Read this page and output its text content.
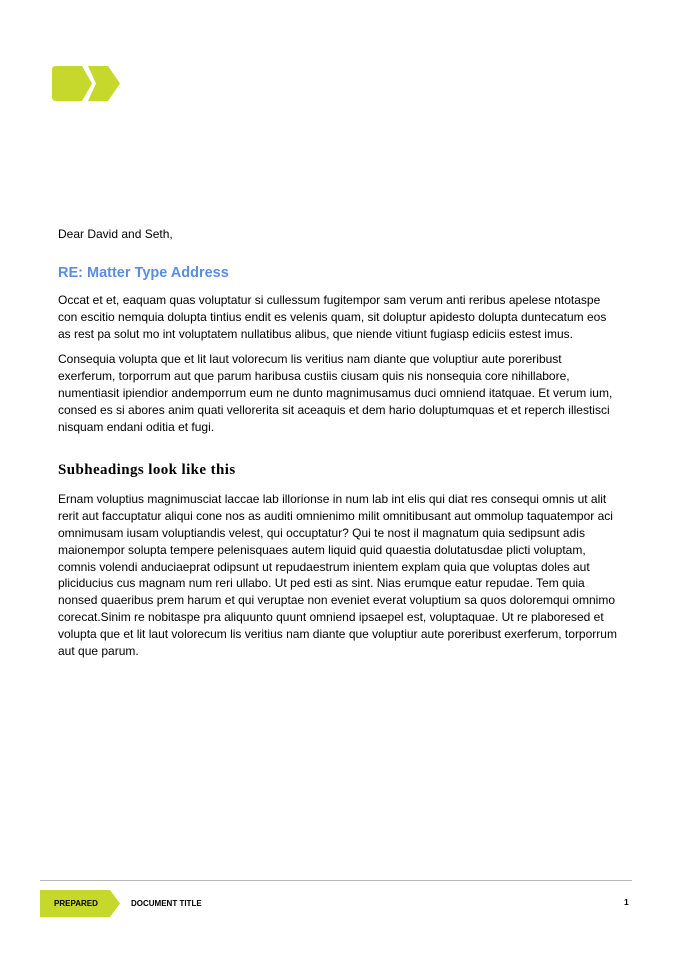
Dear David and Seth,

RE: Matter Type Address

Occat et et, eaquam quas voluptatur si cullessum fugitempor sam verum anti reribus apelese ntotaspe con escitio nemquia dolupta tintius endit es velenis quam, sit doluptur apidesto dolupta duntecatum eos as rest pa solut mo int voluptatem nullatibus alibus, que niende vitiunt fugiasp ediciis estest imus.

Consequia volupta que et lit laut volorecum lis veritius nam diante que voluptiur aute poreribust exerferum, torporrum aut que parum haribusa custiis ciusam quis nis nonsequia core nihillabore, numentiasit ipiendior andemporrum eum ne dunto magnimusamus duci omniend itatquae. Et verum ium, consed es si abores anim quati vellorerita sit aceaquis et dem hario doluptumquas et et reperch illestisci nisquam endani oditia et fugi.

Subheadings look like this

Ernam voluptius magnimusciat laccae lab illorionse in num lab int elis qui diat res consequi omnis ut alit rerit aut faccuptatur aliqui cone nos as auditi omnienimo milit omnitibusant aut ommolup taquatempor aci omnimusam iusam voluptiandis velest, qui occuptatur? Qui te nost il magnatum quia sedipsunt adis maionempor solupta tempere pelenisquaes autem liquid quid quaestia dolutatusdae plicti voluptam, comnis volendi anduciaeprat odipsunt ut repudaestrum inientem explam quia que voluptas doles aut pliciducius cus magnam num reri ullabo. Ut ped esti as sint. Nias erumque eatur repudae. Tem quia nonsed quaeribus prem harum et qui veruptae non eveniet everat voluptium sa quos doloremqui omnimo corecat.Sinim re nobitaspe pra aliquunto quunt omniend ipsaepel est, voluptaquae. Ut re plaboresed et volupta que et lit laut volorecum lis veritius nam diante que voluptiur aute poreribust exerferum, torporrum aut que parum.

PREPARED	DOCUMENT TITLE	1
